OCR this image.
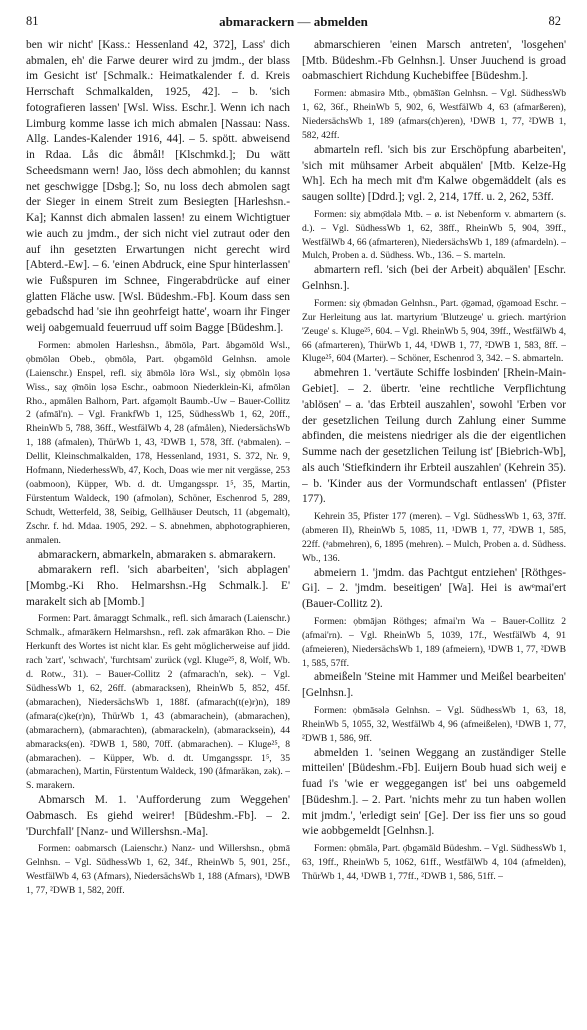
81	abmarackern — abmelden	82

ben wir nicht' [Kass.: Hessenland 42, 372], Lass' dich abmalen, eh' die Farwe deurer wird zu jmdm., der blass im Gesicht ist' [Schmalk.: Heimatkalender f. d. Kreis Herrschaft Schmalkalden, 1925, 42]. – b. 'sich fotografieren lassen' [Wsl. Wiss. Eschr.]. Wenn ich nach Limburg komme lasse ich mich abmalen [Nassau: Nass. Allg. Landes-Kalender 1916, 44]. – 5. spött. abweisend in Rdaa. Lås dic åbmål! [Klschmkd.]; Du wätt Scheedsmann wern! Jao, löss dech abmohlen; du kannst net geschwigge [Dsbg.]; So, nu loss dech abmolen sagt der Sieger in einem Streit zum Besiegten [Harleshsn.-Ka]; Kannst dich abmalen lassen! zu einem Wichtigtuer wie auch zu jmdm., der sich nicht viel zutraut oder den auf ihn gesetzten Erwartungen nicht gerecht wird [Abterd.-Ew]. – 6. 'einen Abdruck, eine Spur hinterlassen' wie Fußspuren im Schnee, Fingerabdrücke auf einer glatten Fläche usw. [Wsl. Büdeshm.-Fb]. Koum dass sen gebadschd had 'sie ihn geohrfeigt hatte', woarn ihr Finger weij oabgemuald feuerruud uff soim Bagge [Büdeshm.].

Formen: abmolen Harleshsn., åbmōlə, Part. åbgəmōld Wsl., ọbmōlən Obeb., ọbmōlə, Part. ọbgəmōld Gelnhsn. amole (Laienschr.) Enspel, refl. siχ ābmōlə lōrə Wsl., siχ ọbmōln lọsə Wiss., saχ ọ̄mōin lọsə Eschr., oabmoon Niederklein-Ki, afmōlən Rho., apmålen Balhorn, Part. afgəmọlt Baumb.-Uw – Bauer-Collitz 2 (afmāl'n). – Vgl. FrankfWb 1, 125, SüdhessWb 1, 62, 20ff., RheinWb 5, 788, 36ff., WestfälWb 4, 28 (afmålen), NiedersächsWb 1, 188 (afmalen), ThürWb 1, 43, ²DWB 1, 578, 3ff. (ᵃabmalen). – Dellit, Kleinschmalkalden, 178, Hessenland, 1931, S. 372, Nr. 9, Hofmann, NiederhessWb, 47, Koch, Doas wie mer nit vergässe, 253 (oabmoon), Küpper, Wb. d. dt. Umgangsspr. 1⁵, 35, Martin, Fürstentum Waldeck, 190 (afmolən), Schöner, Eschenrod 5, 289, Schudt, Wetterfeld, 38, Seibig, Gellhäuser Deutsch, 11 (abgemalt), Zschr. f. hd. Mdaa. 1905, 292. – S. abnehmen, abphotographieren, anmalen.

abmarackern, abmarkeln, abmaraken s. abmarakern.

abmarakern refl. 'sich abarbeiten', 'sich abplagen' [Mombg.-Ki Rho. Helmarshsn.-Hg Schmalk.]. E' marakelt sich ab [Momb.]

Formen: Part. åmaraggt Schmalk., refl. sich åmarach (Laienschr.) Schmalk., afmarākern Helmarshsn., refl. zək afmarākən Rho. – Die Herkunft des Wortes ist nicht klar. Es geht möglicherweise auf jidd. rach 'zart', 'schwach', 'furchtsam' zurück (vgl. Kluge²⁵, 8, Wolf, Wb. d. Rotw., 31). – Bauer-Collitz 2 (afmarach'n, sek). – Vgl. SüdhessWb 1, 62, 26ff. (abmaracksen), RheinWb 5, 852, 45f. (abmarachen), NiedersächsWb 1, 188f. (afmarach(t(e)r)n), 189 (afmara(c)ke(r)n), ThürWb 1, 43 (abmarachein), (abmarachen), (abmarachern), (abmarachten), (abmarackeln), (abmaracksein), 44 abmaracks(en). ²DWB 1, 580, 70ff. (abmarachen). – Kluge²⁵, 8 (abmarachen). – Küpper, Wb. d. dt. Umgangsspr. 1⁵, 35 (abmarachen), Martin, Fürstentum Waldeck, 190 (åfmaräkən, zək). – S. marakern.

Abmarsch M. 1. 'Aufforderung zum Weggehen' Oabmasch. Es giehd weirer! [Büdeshm.-Fb]. – 2. 'Durchfall' [Nanz- und Willershsn.-Ma].

Formen: oabmarsch (Laienschr.) Nanz- und Willershsn., ọbmā̃ Gelnhsn. – Vgl. SüdhessWb 1, 62, 34f., RheinWb 5, 901, 25f., WestfälWb 4, 63 (Afmars), NiedersächsWb 1, 188 (Afmars), ¹DWB 1, 77, ²DWB 1, 582, 20ff.

abmarschieren 'einen Marsch antreten', 'losgehen' [Mtb. Büdeshm.-Fb Gelnhsn.]. Unser Juuchend is groad oabmaschiert Richdung Kuchebiffee [Büdeshm.].

Formen: abmasirə Mtb., ọbmāšīən Gelnhsn. – Vgl. SüdhessWb 1, 62, 36f., RheinWb 5, 902, 6, WestfälWb 4, 63 (afmarßeren), NiedersächsWb 1, 189 (afmars(ch)eren), ¹DWB 1, 77, ²DWB 1, 582, 42ff.

abmarteln refl. 'sich bis zur Erschöpfung abarbeiten', 'sich mit mühsamer Arbeit abquälen' [Mtb. Kelze-Hg Wh]. Ech ha mech mit d'm Kalwe obgemäddelt (als es saugen sollte) [Ddrd.]; vgl. 2, 214, 17ff. u. 2, 262, 53ff.

Formen: siχ abmọ̄dələ Mtb. – ø. ist Nebenform v. abmartern (s. d.). – Vgl. SüdhessWb 1, 62, 38ff., RheinWb 5, 904, 39ff., WestfälWb 4, 66 (afmarteren), NiedersächsWb 1, 189 (afmardeln). – Mulch, Proben a. d. Südhess. Wb., 136. – S. marteln.

abmartern refl. 'sich (bei der Arbeit) abquälen' [Eschr. Gelnhsn.].

Formen: siχ ọ̄bmadən Gelnhsn., Part. ọ̄gəmad, ọ̄gəmoad Eschr. – Zur Herleitung aus lat. martyrium 'Blutzeuge' u. griech. martýrion 'Zeuge' s. Kluge²⁵, 604. – Vgl. RheinWb 5, 904, 39ff., WestfälWb 4, 66 (afmarteren), ThürWb 1, 44, ¹DWB 1, 77, ²DWB 1, 583, 8ff. – Kluge²⁵, 604 (Marter). – Schöner, Eschenrod 3, 342. – S. abmarteln.

abmehren 1. 'vertäute Schiffe losbinden' [Rhein-Main-Gebiet]. – 2. übertr. 'eine rechtliche Verpflichtung 'ablösen' – a. 'das Erbteil auszahlen', sowohl 'Erben vor der gesetzlichen Teilung durch Zahlung einer Summe abfinden, die meistens niedriger als die der eigentlichen Summe nach der gesetzlichen Teilung ist' [Biebrich-Wb], als auch 'Stiefkindern ihr Erbteil auszahlen' (Kehrein 35). – b. 'Kinder aus der Vormundschaft entlassen' (Pfister 177).

Kehrein 35, Pfister 177 (meren). – Vgl. SüdhessWb 1, 63, 37ff. (abmeren II), RheinWb 5, 1085, 11, ¹DWB 1, 77, ²DWB 1, 585, 22ff. (ᵃabmehren), 6, 1895 (mehren). – Mulch, Proben a. d. Südhess. Wb., 136.

abmeiern 1. 'jmdm. das Pachtgut entziehen' [Röthges-Gi]. – 2. 'jmdm. beseitigen' [Wa]. Hei is awᵉmai'ert (Bauer-Collitz 2).

Formen: ọbmājən Röthges; afmai'rn Wa – Bauer-Collitz 2 (afmai'rn). – Vgl. RheinWb 5, 1039, 17f., WestfälWb 4, 91 (afmeieren), NiedersächsWb 1, 189 (afmeiern), ¹DWB 1, 77, ²DWB 1, 585, 57ff.

abmeißeln 'Steine mit Hammer und Meißel bearbeiten' [Gelnhsn.].

Formen: ọbmāsələ Gelnhsn. – Vgl. SüdhessWb 1, 63, 18, RheinWb 5, 1055, 32, WestfälWb 4, 96 (afmeißelen), ¹DWB 1, 77, ²DWB 1, 586, 9ff.

abmelden 1. 'seinen Weggang an zuständiger Stelle mitteilen' [Büdeshm.-Fb]. Euijern Boub huad sich weij e fuad i's 'wie er weggegangen ist' bei uns oabgemeld [Büdeshm.]. – 2. Part. 'nichts mehr zu tun haben wollen mit jmdm.', 'erledigt sein' [Ge]. Der iss fier uns so goud wie aobbgemeldt [Gelnhsn.].

Formen: ọbmālə, Part. ọ̄bgəmāld Büdeshm. – Vgl. SüdhessWb 1, 63, 19ff., RheinWb 5, 1062, 61ff., WestfälWb 4, 104 (afmelden), ThürWb 1, 44, ¹DWB 1, 77ff., ²DWB 1, 586, 51ff. –
